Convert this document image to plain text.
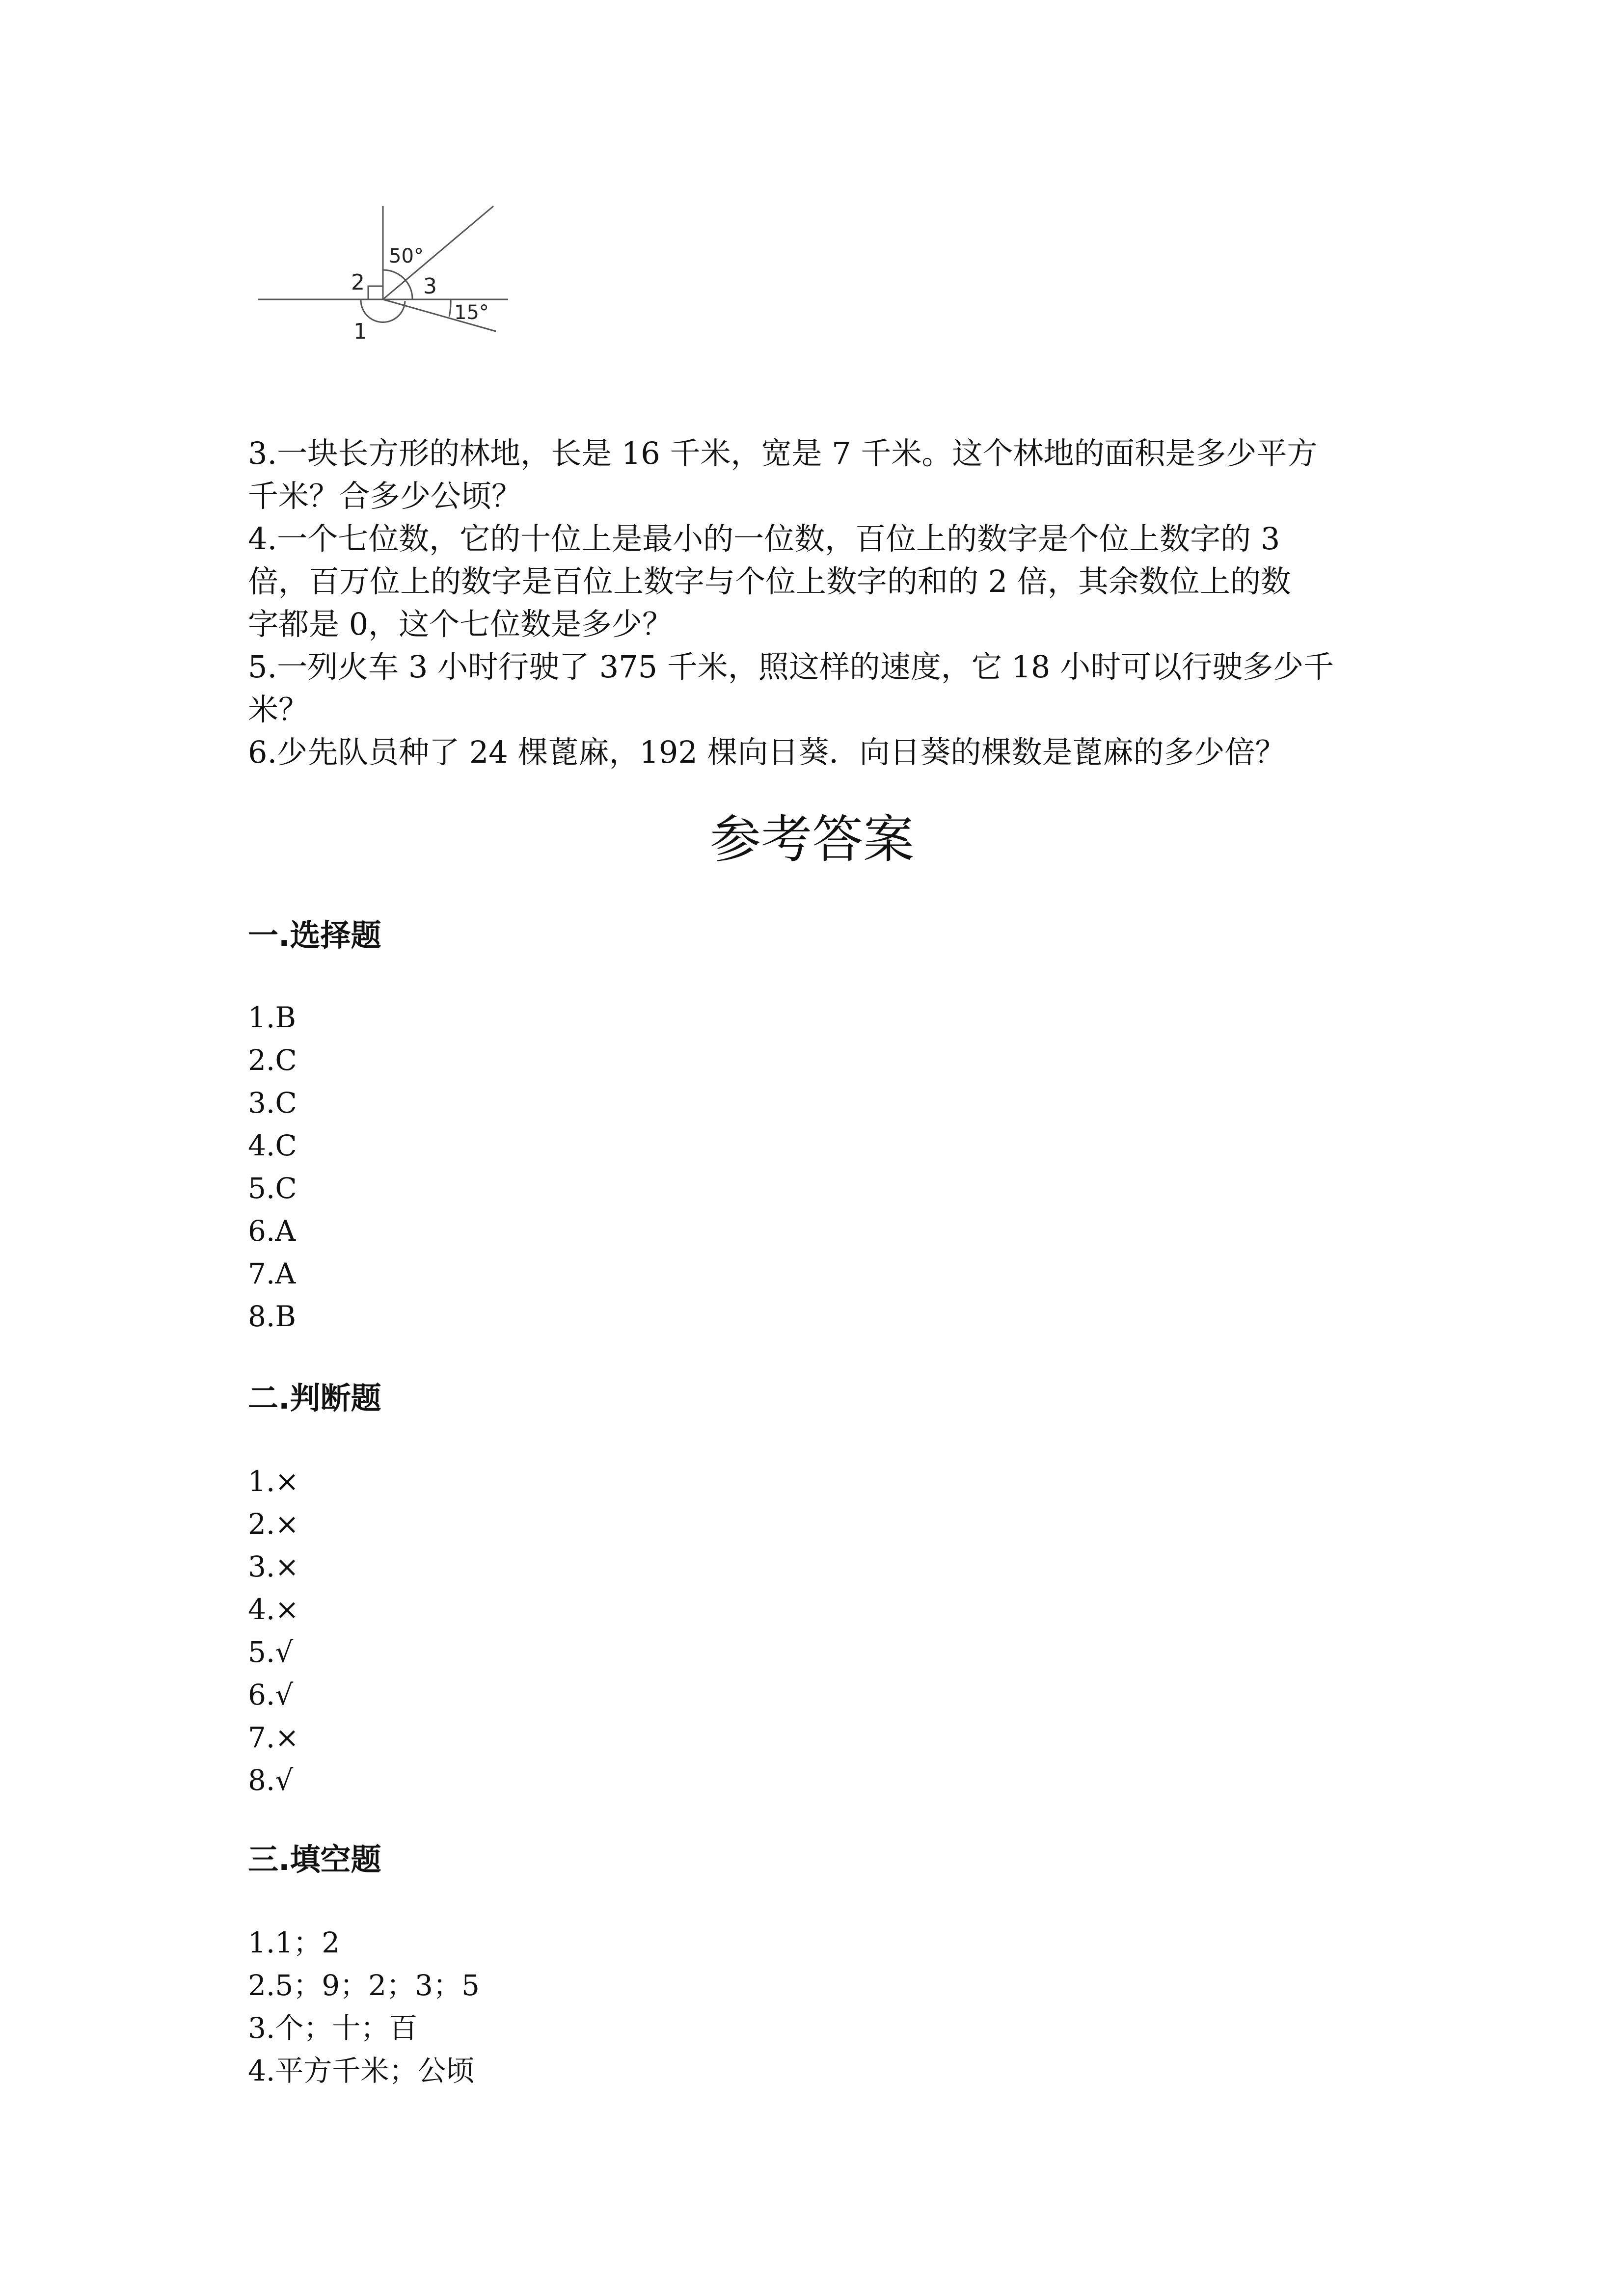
50°
15°
2	3
1

3.一块长方形的林地，长是 16 千米，宽是 7 千米。这个林地的面积是多少平方

千米？合多少公顷？

4.一个七位数，它的十位上是最小的一位数，百位上的数字是个位上数字的 3

倍，百万位上的数字是百位上数字与个位上数字的和的 2 倍，其余数位上的数

字都是 0，这个七位数是多少？

5.一列火车 3 小时行驶了 375 千米，照这样的速度，它 18 小时可以行驶多少千

米？

6.少先队员种了 24 棵蓖麻，192 棵向日葵．向日葵的棵数是蓖麻的多少倍？

参考答案
一.选择题
1.B
2.C
3.C
4.C
5.C
6.A
7.A
8.B
二.判断题
1.×
2.×
3.×
4.×
5.√
6.√
7.×
8.√
三.填空题
1.1；2
2.5；9；2；3；5
3.个；十；百
4.平方千米；公顷
